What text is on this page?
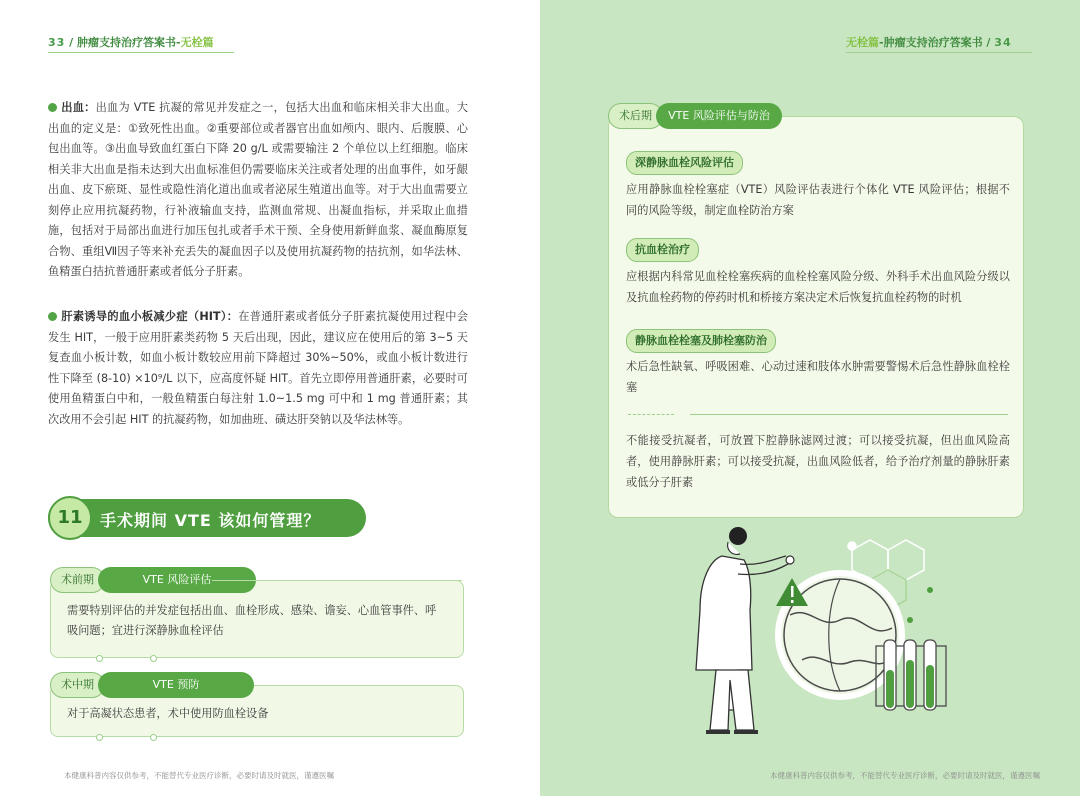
33 / 肿瘤支持治疗答案书-无栓篇
出血：出血为 VTE 抗凝的常见并发症之一，包括大出血和临床相关非大出血。大出血的定义是：①致死性出血。②重要部位或者器官出血如颅内、眼内、后腹膜、心包出血等。③出血导致血红蛋白下降 20 g/L 或需要输注 2 个单位以上红细胞。临床相关非大出血是指未达到大出血标准但仍需要临床关注或者处理的出血事件，如牙龈出血、皮下瘀斑、显性或隐性消化道出血或者泌尿生殖道出血等。对于大出血需要立刻停止应用抗凝药物，行补液输血支持，监测血常规、出凝血指标，并采取止血措施，包括对于局部出血进行加压包扎或者手术干预、全身使用新鲜血浆、凝血酶原复合物、重组Ⅶ因子等来补充丢失的凝血因子以及使用抗凝药物的拮抗剂，如华法林、鱼精蛋白拮抗普通肝素或者低分子肝素。
肝素诱导的血小板减少症（HIT）：在普通肝素或者低分子肝素抗凝使用过程中会发生 HIT，一般于应用肝素类药物 5 天后出现，因此，建议应在使用后的第 3~5 天复查血小板计数，如血小板计数较应用前下降超过 30%~50%，或血小板计数进行性下降至 (8-10) ×10⁹/L 以下，应高度怀疑 HIT。首先立即停用普通肝素，必要时可使用鱼精蛋白中和，一般鱼精蛋白每注射 1.0~1.5 mg 可中和 1 mg 普通肝素；其次改用不会引起 HIT 的抗凝药物，如加曲班、磺达肝癸钠以及华法林等。
11	手术期间 VTE 该如何管理？
需要特别评估的并发症包括出血、血栓形成、感染、谵妄、心血管事件、呼吸问题；宜进行深静脉血栓评估
术前期	VTE 风险评估
对于高凝状态患者，术中使用防血栓设备
术中期	VTE 预防
本健康科普内容仅供参考，不能替代专业医疗诊断，必要时请及时就医，谨遵医嘱
无栓篇-肿瘤支持治疗答案书 / 34
术后期	VTE 风险评估与防治
深静脉血栓风险评估
应用静脉血栓栓塞症（VTE）风险评估表进行个体化 VTE 风险评估；根据不同的风险等级，制定血栓防治方案
抗血栓治疗
应根据内科常见血栓栓塞疾病的血栓栓塞风险分级、外科手术出血风险分级以及抗血栓药物的停药时机和桥接方案决定术后恢复抗血栓药物的时机
静脉血栓栓塞及肺栓塞防治
术后急性缺氧、呼吸困难、心动过速和肢体水肿需要警惕术后急性静脉血栓栓塞
不能接受抗凝者，可放置下腔静脉滤网过渡；可以接受抗凝，但出血风险高者，使用静脉肝素；可以接受抗凝，出血风险低者，给予治疗剂量的静脉肝素或低分子肝素
本健康科普内容仅供参考，不能替代专业医疗诊断，必要时请及时就医，谨遵医嘱
